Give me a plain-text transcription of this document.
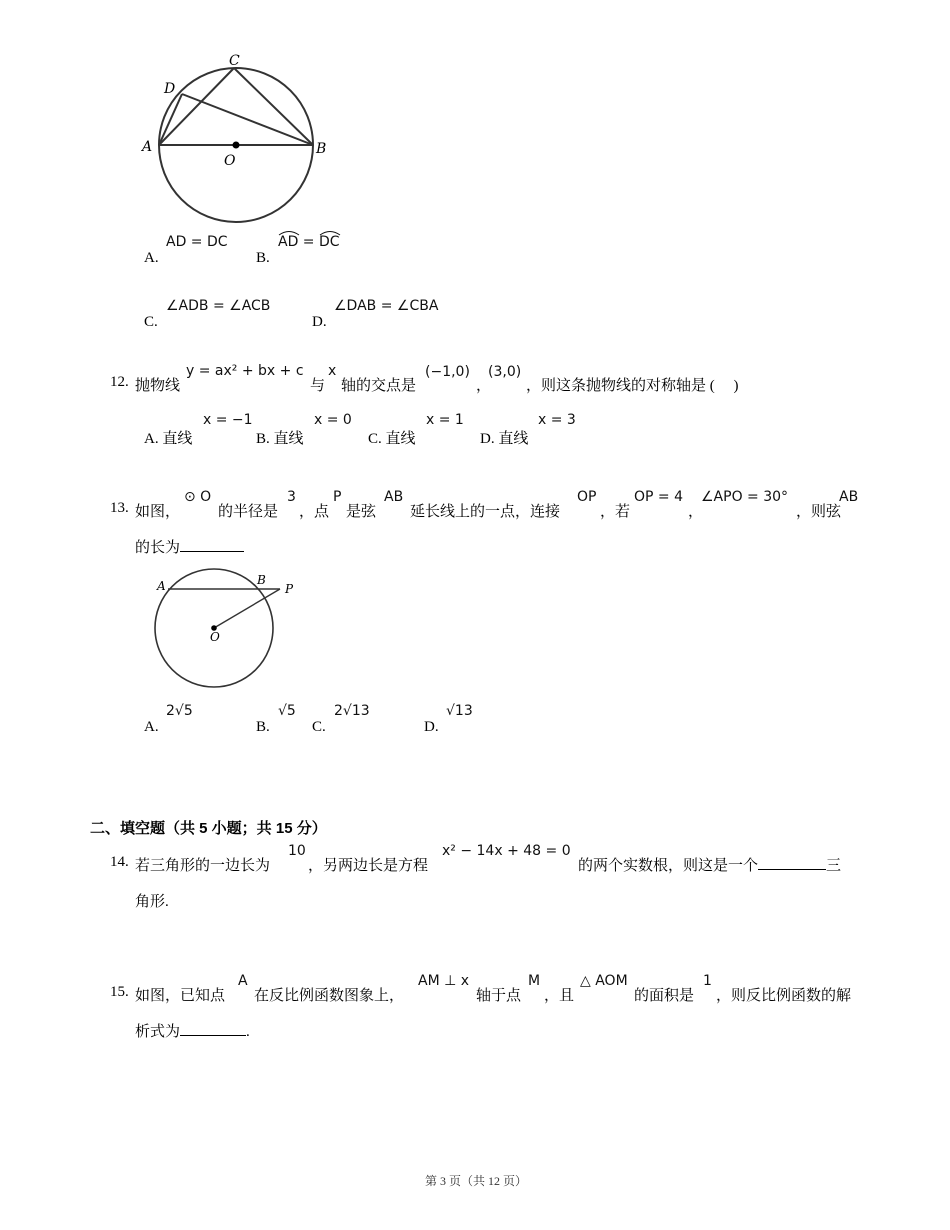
A	B
C
D
O
A.
AD = DC
B.
AD
= DC
C.
∠ADB = ∠ACB
D.
∠DAB = ∠CBA
12. 抛物线
y = ax² + bx + c
与
x
轴的交点是
(−1,0)
，
(3,0)
，则这条抛物线的对称轴是 (　 )
A. 直线
x = −1
B. 直线
x = 0
C. 直线
x = 1
D. 直线
x = 3
13. 如图，
⊙ O
的半径是
3
，点
P
是弦
AB
延长线上的一点，连接
OP
，若
OP = 4
，
∠APO = 30°
，则弦
AB
的长为
A	B
P
O
A.
2√5
B.
√5
C.
2√13
D.
√13
二、填空题（共 5 小题；共 15 分）
14. 若三角形的一边长为
10
，另两边长是方程
x² − 14x + 48 = 0
的两个实数根，则这是一个	三
角形.
15. 如图，已知点
A
在反比例函数图象上，
AM ⊥ x
轴于点
M
，且
△ AOM
的面积是
1
，则反比例函数的解
析式为	.
第 3 页（共 12 页）
